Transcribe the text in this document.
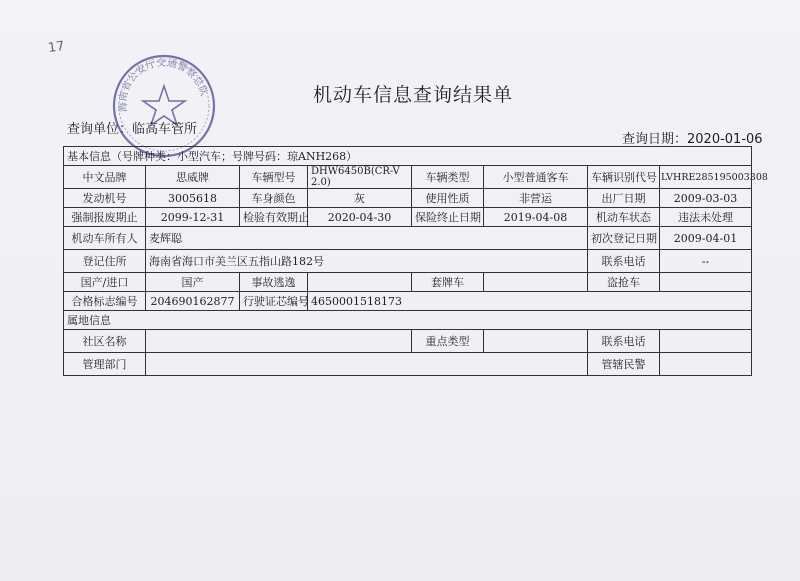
17
海南省公安厅交通警察总队	机动车信息查询结果单
查询单位：临高车管所
查询日期：2020-01-06
基本信息（号牌种类：小型汽车；号牌号码：琼ANH268）							
中文品牌	思威牌	车辆型号	DHW6450B(CR-V 2.0)	车辆类型	小型普通客车	车辆识别代号	LVHRE285195003308
发动机号	3005618	车身颜色	灰	使用性质	非营运	出厂日期	2009-03-03
强制报废期止	2099-12-31	检验有效期止	2020-04-30	保险终止日期	2019-04-08	机动车状态	违法未处理
机动车所有人	麦辉聪					初次登记日期	2009-04-01
登记住所	海南省海口市美兰区五指山路182号					联系电话	--
国产/进口	国产	事故逃逸		套牌车		盗抢车	
合格标志编号	204690162877	行驶证芯编号	4650001518173				
属地信息							
社区名称				重点类型		联系电话	
管理部门						管辖民警	
